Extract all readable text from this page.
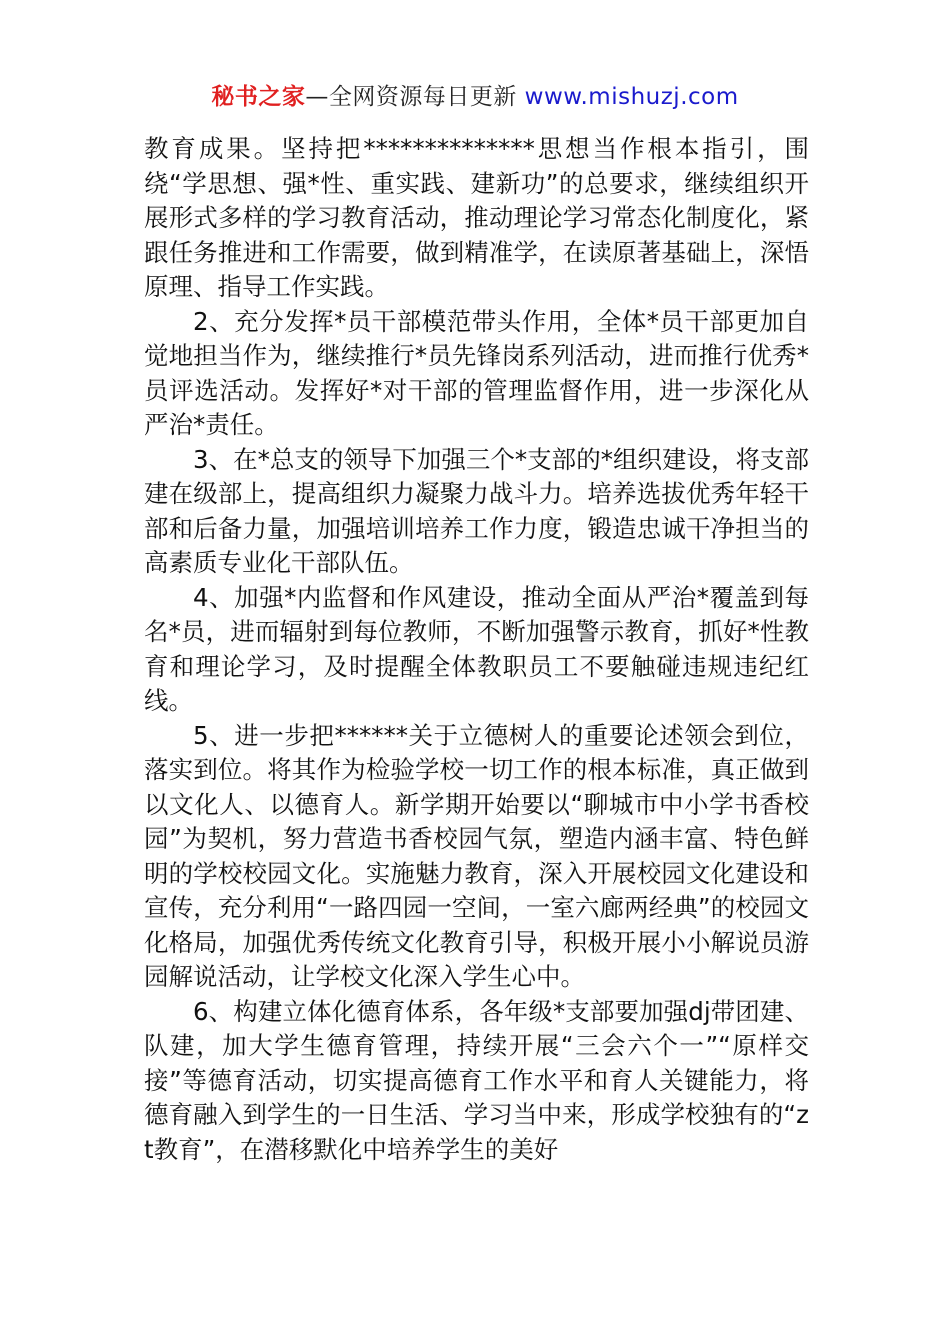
秘书之家—全网资源每日更新 www.mishuzj.com

教育成果。坚持把**************思想当作根本指引，围绕“学思想、强*性、重实践、建新功”的总要求，继续组织开展形式多样的学习教育活动，推动理论学习常态化制度化，紧跟任务推进和工作需要，做到精准学，在读原著基础上，深悟原理、指导工作实践。

2、充分发挥*员干部模范带头作用，全体*员干部更加自觉地担当作为，继续推行*员先锋岗系列活动，进而推行优秀*员评选活动。发挥好*对干部的管理监督作用，进一步深化从严治*责任。

3、在*总支的领导下加强三个*支部的*组织建设，将支部建在级部上，提高组织力凝聚力战斗力。培养选拔优秀年轻干部和后备力量，加强培训培养工作力度，锻造忠诚干净担当的高素质专业化干部队伍。

4、加强*内监督和作风建设，推动全面从严治*覆盖到每名*员，进而辐射到每位教师，不断加强警示教育，抓好*性教育和理论学习，及时提醒全体教职员工不要触碰违规违纪红线。

5、进一步把******关于立德树人的重要论述领会到位，落实到位。将其作为检验学校一切工作的根本标准，真正做到以文化人、以德育人。新学期开始要以“聊城市中小学书香校园”为契机，努力营造书香校园气氛，塑造内涵丰富、特色鲜明的学校校园文化。实施魅力教育，深入开展校园文化建设和宣传，充分利用“一路四园一空间，一室六廊两经典”的校园文化格局，加强优秀传统文化教育引导，积极开展小小解说员游园解说活动，让学校文化深入学生心中。

6、构建立体化德育体系，各年级*支部要加强dj带团建、队建，加大学生德育管理，持续开展“三会六个一”“原样交接”等德育活动，切实提高德育工作水平和育人关键能力，将德育融入到学生的一日生活、学习当中来，形成学校独有的“zt教育”，在潜移默化中培养学生的美好
